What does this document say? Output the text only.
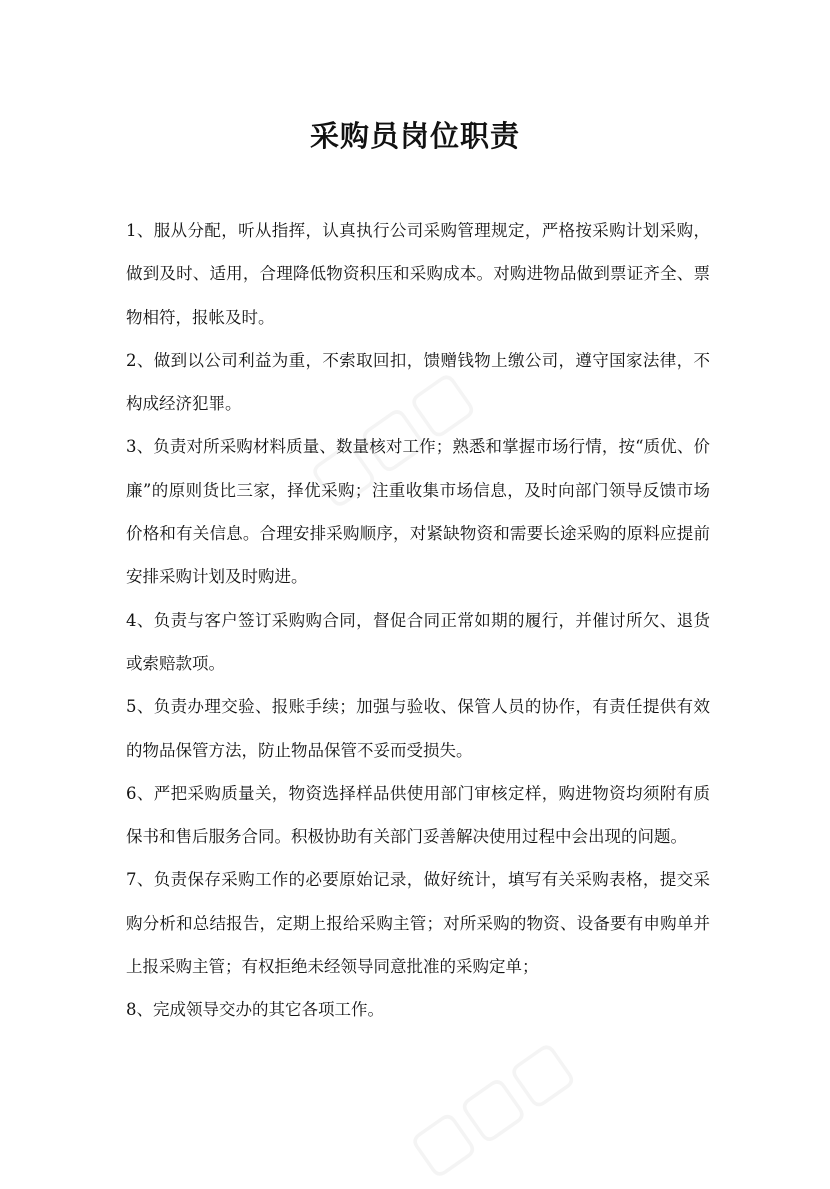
采购员岗位职责

1、服从分配，听从指挥，认真执行公司采购管理规定，严格按采购计划采购，做到及时、适用，合理降低物资积压和采购成本。对购进物品做到票证齐全、票物相符，报帐及时。

2、做到以公司利益为重，不索取回扣，馈赠钱物上缴公司，遵守国家法律，不构成经济犯罪。

3、负责对所采购材料质量、数量核对工作；熟悉和掌握市场行情，按“质优、价廉”的原则货比三家，择优采购；注重收集市场信息，及时向部门领导反馈市场价格和有关信息。合理安排采购顺序，对紧缺物资和需要长途采购的原料应提前安排采购计划及时购进。

4、负责与客户签订采购购合同，督促合同正常如期的履行，并催讨所欠、退货或索赔款项。

5、负责办理交验、报账手续；加强与验收、保管人员的协作，有责任提供有效的物品保管方法，防止物品保管不妥而受损失。

6、严把采购质量关，物资选择样品供使用部门审核定样，购进物资均须附有质保书和售后服务合同。积极协助有关部门妥善解决使用过程中会出现的问题。

7、负责保存采购工作的必要原始记录，做好统计，填写有关采购表格，提交采购分析和总结报告，定期上报给采购主管；对所采购的物资、设备要有申购单并上报采购主管；有权拒绝未经领导同意批准的采购定单；

8、完成领导交办的其它各项工作。
